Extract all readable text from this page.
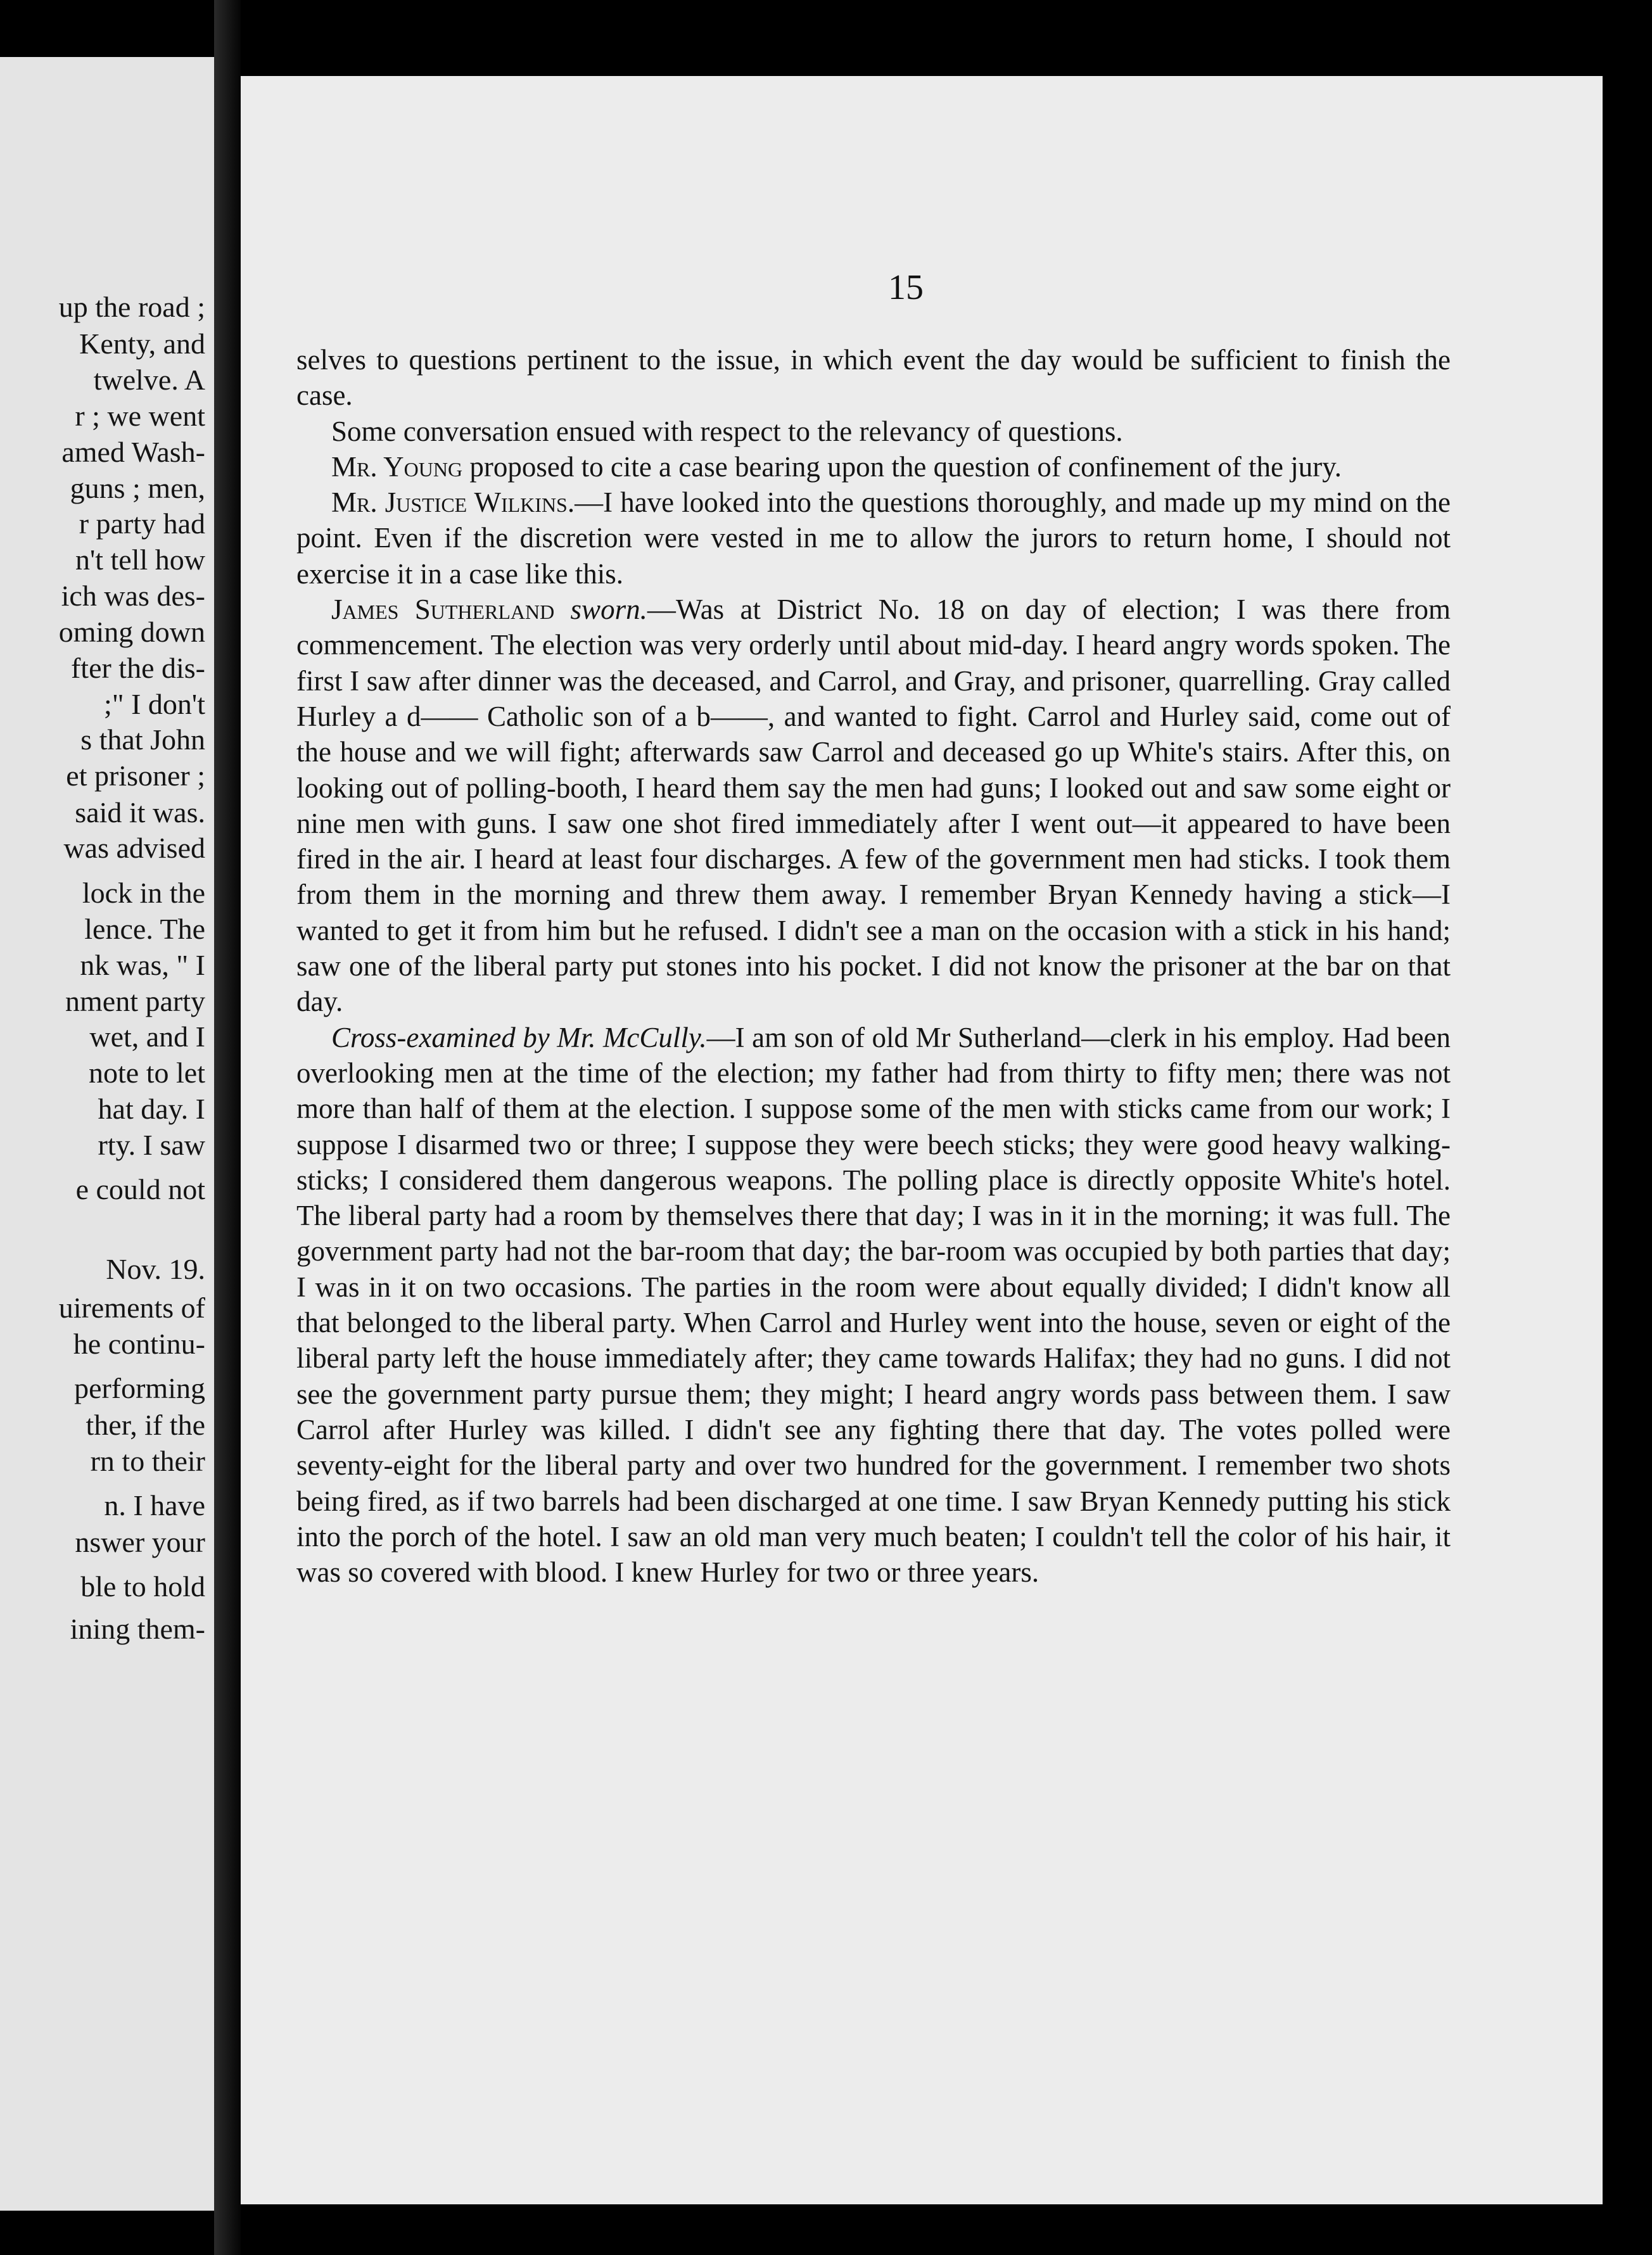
up the road ;
Kenty, and
twelve. A
r ; we went
amed Wash-
guns ; men,
r party had
n't tell how
ich was des-
oming down
fter the dis-
;" I don't
s that John
et prisoner ;
said it was.
was advised
lock in the
lence. The
nk was, " I
nment party
wet, and I
note to let
hat day. I
rty. I saw
e could not
Nov. 19.
uirements of
he continu-
performing
ther, if the
rn to their
n. I have
nswer your
ble to hold
ining them-
15

selves to questions pertinent to the issue, in which event the day would be sufficient to finish the case.

Some conversation ensued with respect to the relevancy of questions.

Mr. Young proposed to cite a case bearing upon the question of confinement of the jury.

Mr. Justice Wilkins.—I have looked into the questions thoroughly, and made up my mind on the point. Even if the discretion were vested in me to allow the jurors to return home, I should not exercise it in a case like this.

James Sutherland sworn.—Was at District No. 18 on day of election; I was there from commencement. The election was very orderly until about mid-day. I heard angry words spoken. The first I saw after dinner was the deceased, and Carrol, and Gray, and prisoner, quarrelling. Gray called Hurley a d—— Catholic son of a b——, and wanted to fight. Carrol and Hurley said, come out of the house and we will fight; afterwards saw Carrol and deceased go up White's stairs. After this, on looking out of polling-booth, I heard them say the men had guns; I looked out and saw some eight or nine men with guns. I saw one shot fired immediately after I went out—it appeared to have been fired in the air. I heard at least four discharges. A few of the government men had sticks. I took them from them in the morning and threw them away. I remember Bryan Kennedy having a stick—I wanted to get it from him but he refused. I didn't see a man on the occasion with a stick in his hand; saw one of the liberal party put stones into his pocket. I did not know the prisoner at the bar on that day.

Cross-examined by Mr. McCully.—I am son of old Mr Sutherland—clerk in his employ. Had been overlooking men at the time of the election; my father had from thirty to fifty men; there was not more than half of them at the election. I suppose some of the men with sticks came from our work; I suppose I disarmed two or three; I suppose they were beech sticks; they were good heavy walking-sticks; I considered them dangerous weapons. The polling place is directly opposite White's hotel. The liberal party had a room by themselves there that day; I was in it in the morning; it was full. The government party had not the bar-room that day; the bar-room was occupied by both parties that day; I was in it on two occasions. The parties in the room were about equally divided; I didn't know all that belonged to the liberal party. When Carrol and Hurley went into the house, seven or eight of the liberal party left the house immediately after; they came towards Halifax; they had no guns. I did not see the government party pursue them; they might; I heard angry words pass between them. I saw Carrol after Hurley was killed. I didn't see any fighting there that day. The votes polled were seventy-eight for the liberal party and over two hundred for the government. I remember two shots being fired, as if two barrels had been discharged at one time. I saw Bryan Kennedy putting his stick into the porch of the hotel. I saw an old man very much beaten; I couldn't tell the color of his hair, it was so covered with blood. I knew Hurley for two or three years.
